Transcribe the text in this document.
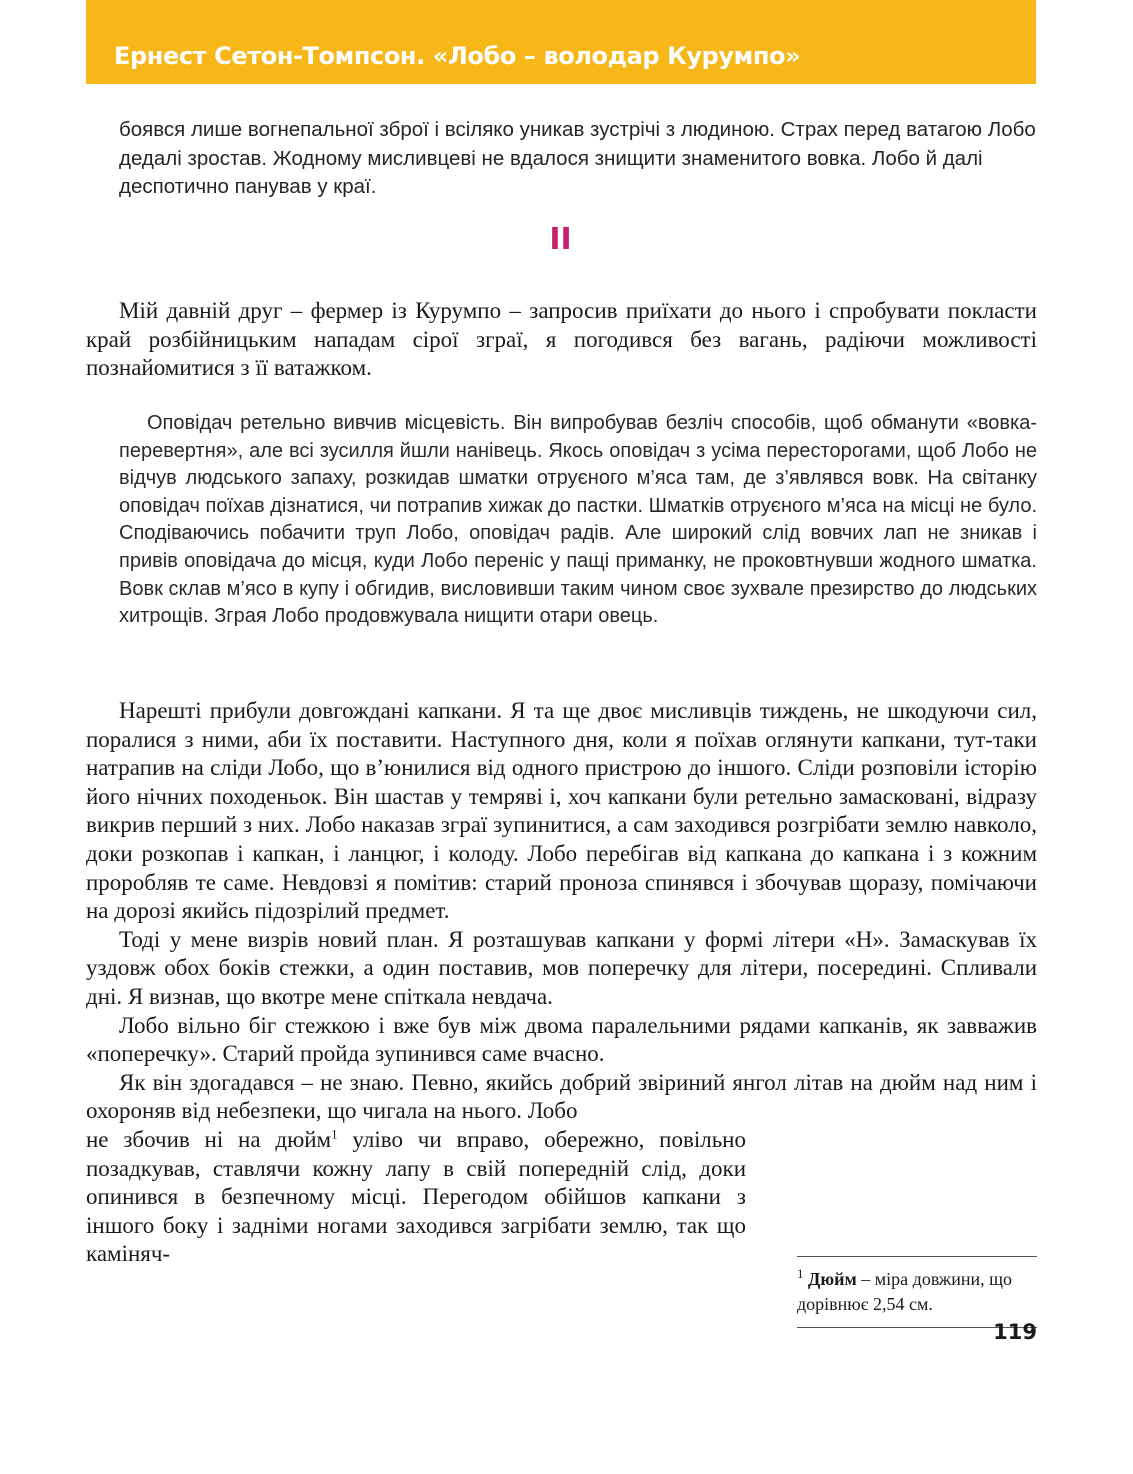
Ернест Сетон-Томпсон. «Лобо – володар Курумпо»
боявся лише вогнепальної зброї і всіляко уникав зустрічі з людиною. Страх перед ватагою Лобо дедалі зростав. Жодному мисливцеві не вдалося знищити знаменитого вовка. Лобо й далі деспотично панував у краї.
II

Мій давній друг – фермер із Курумпо – запросив приїхати до нього і спробувати покласти край розбійницьким нападам сірої зграї, я погодився без вагань, радіючи можливості познайомитися з її ватажком.

Оповідач ретельно вивчив місцевість. Він випробував безліч способів, щоб обманути «вовка-перевертня», але всі зусилля йшли нанівець. Якось оповідач з усіма пересторогами, щоб Лобо не відчув людського запаху, розкидав шматки отруєного м’яса там, де з’являвся вовк. На світанку оповідач поїхав дізнатися, чи потрапив хижак до пастки. Шматків отруєного м’яса на місці не було. Сподіваючись побачити труп Лобо, оповідач радів. Але широкий слід вовчих лап не зникав і привів оповідача до місця, куди Лобо переніс у пащі приманку, не проковтнувши жодного шматка. Вовк склав м’ясо в купу і обгидив, висловивши таким чином своє зухвале презирство до людських хитрощів. Зграя Лобо продовжувала нищити отари овець.

Нарешті прибули довгождані капкани. Я та ще двоє мисливців тиждень, не шкодуючи сил, поралися з ними, аби їх поставити. Наступного дня, коли я поїхав оглянути капкани, тут-таки натрапив на сліди Лобо, що в’юнилися від одного пристрою до іншого. Сліди розповіли історію його нічних походеньок. Він шастав у темряві і, хоч капкани були ретельно замасковані, відразу викрив перший з них. Лобо наказав зграї зупинитися, а сам заходився розгрібати землю навколо, доки розкопав і капкан, і ланцюг, і колоду. Лобо перебігав від капкана до капкана і з кожним проробляв те саме. Невдовзі я помітив: старий проноза спинявся і збочував щоразу, помічаючи на дорозі якийсь підозрілий предмет.

Тоді у мене визрів новий план. Я розташував капкани у формі літери «Н». Замаскував їх уздовж обох боків стежки, а один поставив, мов поперечку для літери, посередині. Спливали дні. Я визнав, що вкотре мене спіткала невдача.

Лобо вільно біг стежкою і вже був між двома паралельними рядами капканів, як завважив «поперечку». Старий пройда зупинився саме вчасно.

Як він здогадався – не знаю. Певно, якийсь добрий звіриний янгол літав на дюйм над ним і охороняв від небезпеки, що чигала на нього. Лобо

не збочив ні на дюйм$^1$ уліво чи вправо, обережно, повільно позадкував, ставлячи кожну лапу в свій попередній слід, доки опинився в безпечному місці. Перегодом обійшов капкани з іншого боку і задніми ногами заходився загрібати землю, так що каміняч-

$^1$ Дюйм – міра довжини, що дорівнює 2,54 см.
119
